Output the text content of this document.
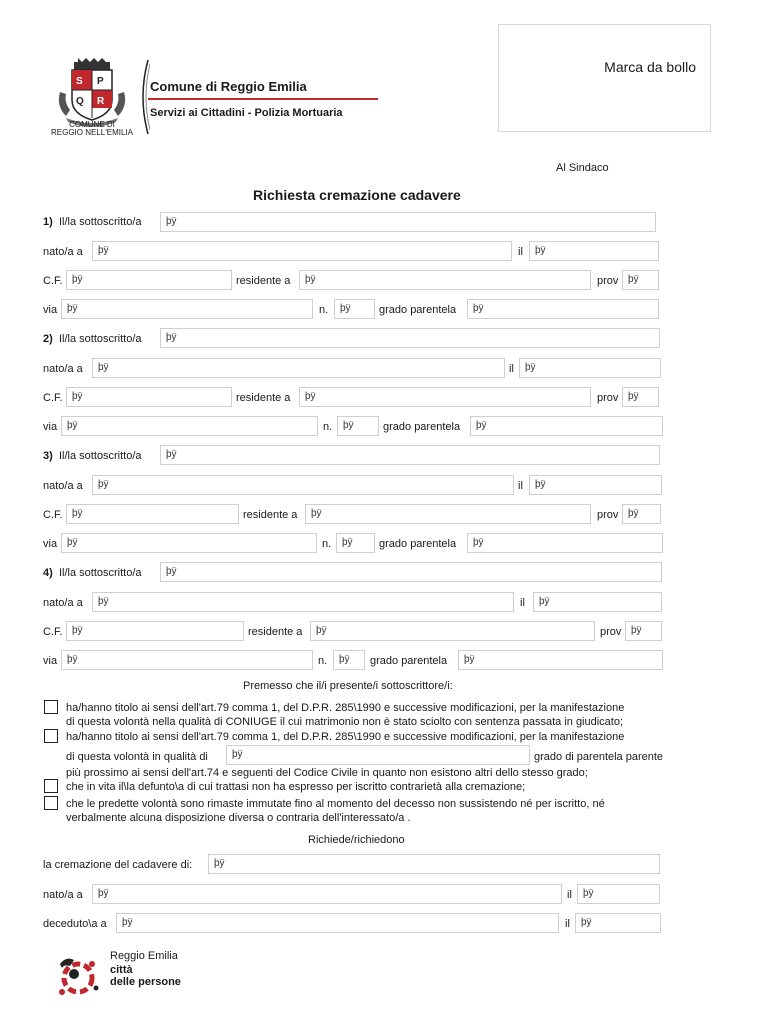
S P
Q R
COMUNE DI
REGGIO NELL'EMILIA
Comune di Reggio Emilia
Servizi ai Cittadini - Polizia Mortuaria
Marca da bollo
Al Sindaco
Richiesta cremazione cadavere
1) Il/la sottoscritto/a	þÿ
nato/a a	þÿ	il	þÿ
C.F. þÿ	residente a	þÿ	prov þÿ
via þÿ	n.	þÿ	grado parentela	þÿ
2) Il/la sottoscritto/a	þÿ
nato/a a	þÿ	il	þÿ
C.F. þÿ	residente a	þÿ	prov þÿ
via þÿ	n.	þÿ	grado parentela	þÿ
3) Il/la sottoscritto/a	þÿ
nato/a a	þÿ	il	þÿ
C.F. þÿ	residente a	þÿ	prov þÿ
via þÿ	n.	þÿ	grado parentela	þÿ
4) Il/la sottoscritto/a	þÿ
nato/a a	þÿ	il	þÿ
C.F. þÿ	residente a	þÿ	prov þÿ
via þÿ	n.	þÿ	grado parentela	þÿ
Premesso che il/i presente/i sottoscrittore/i:
ha/hanno titolo ai sensi dell'art.79 comma 1, del D.P.R. 285\1990 e successive modificazioni, per la manifestazione
di questa volontà nella qualità di CONIUGE il cui matrimonio non è stato sciolto con sentenza passata in giudicato;
ha/hanno titolo ai sensi dell'art.79 comma 1, del D.P.R. 285\1990 e successive modificazioni, per la manifestazione
di questa volontà in qualità di	þÿ	grado di parentela parente
più prossimo ai sensi dell'art.74 e seguenti del Codice Civile in quanto non esistono altri dello stesso grado;
che in vita il\la defunto\a di cui trattasi non ha espresso per iscritto contrarietà alla cremazione;
che le predette volontà sono rimaste immutate fino al momento del decesso non sussistendo né per iscritto, né
verbalmente alcuna disposizione diversa o contraria dell'interessato/a .
Richiede/richiedono
la cremazione del cadavere di:	þÿ
nato/a a	þÿ	il	þÿ
deceduto\a a	þÿ	il	þÿ
Reggio Emilia
città
delle persone
